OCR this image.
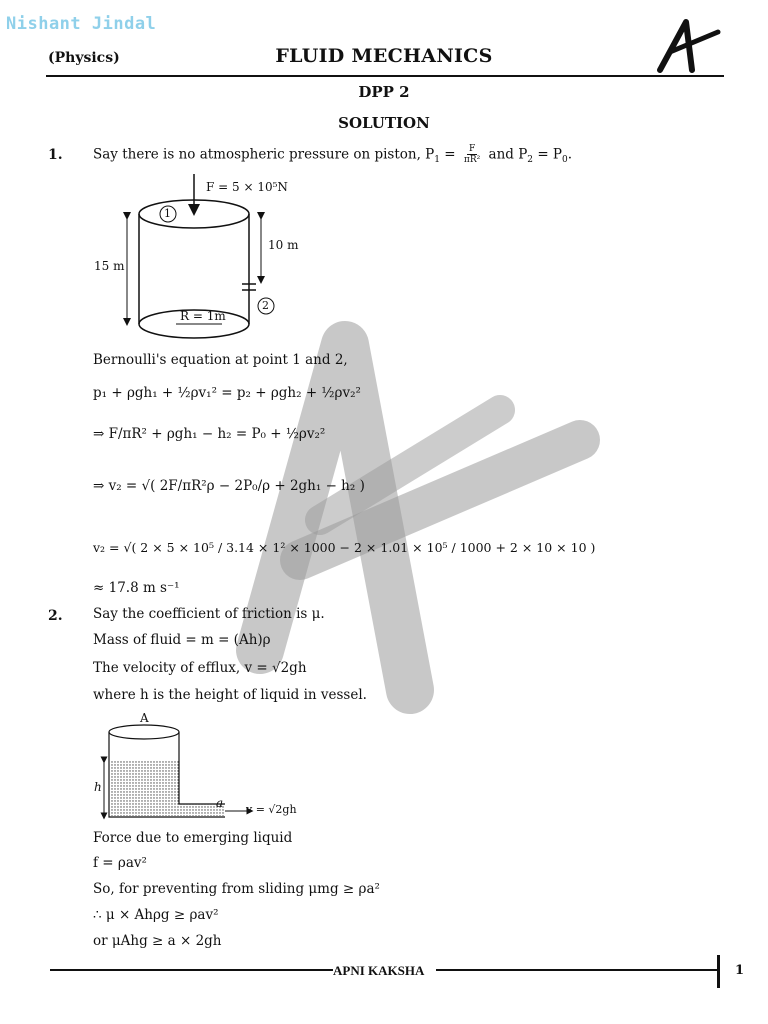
Nishant Jindal
(Physics)	FLUID MECHANICS
DPP 2
SOLUTION
1. Say there is no atmospheric pressure on piston, $P_1 = \frac{F}{\text{πR²}}$ and $P_2 = P_0$.
F = 5 × 10⁵N
15 m
10 m
R = 1m
1
2
Bernoulli's equation at point 1 and 2,
p₁ + ρgh₁ + ½ρv₁² = p₂ + ρgh₂ + ½ρv₂²
⇒ F/πR² + ρgh₁ − h₂ = P₀ + ½ρv₂²
⇒ v₂ = √( 2F/πR²ρ − 2P₀/ρ + 2gh₁ − h₂ )
v₂ = √( 2 × 5 × 10⁵ / 3.14 × 1² × 1000 − 2 × 1.01 × 10⁵ / 1000 + 2 × 10 × 10 )
≈ 17.8 m s⁻¹
2. Say the coefficient of friction is μ.
Mass of fluid = m = (Ah)ρ
The velocity of efflux, v = √2gh
where h is the height of liquid in vessel.
A
h
a v = √2gh
Force due to emerging liquid
f = ρav²
So, for preventing from sliding μmg ≥ ρa²
∴ μ × Ahρg ≥ ρav²
or μAhg ≥ a × 2gh
APNI KAKSHA	1
